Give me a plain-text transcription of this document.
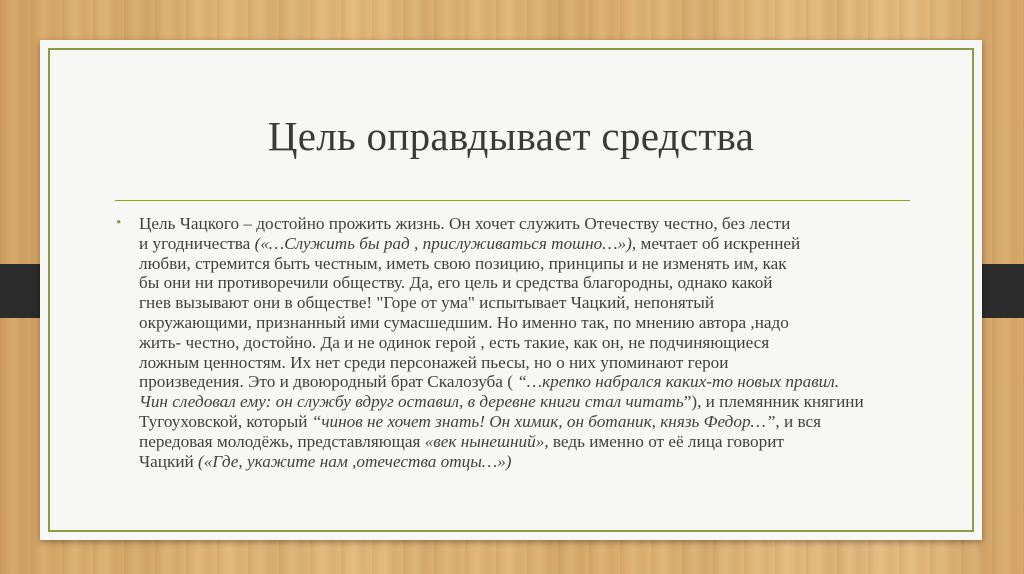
Цель оправдывает средства
• Цель Чацкого – достойно прожить жизнь. Он хочет служить Отечеству честно, без лести
и угодничества («…Служить бы рад , прислуживаться тошно…»), мечтает об искренней
любви, стремится быть честным, иметь свою позицию, принципы и не изменять им, как
бы они ни противоречили обществу. Да, его цель и средства благородны, однако какой
гнев вызывают они в обществе! "Горе от ума" испытывает Чацкий, непонятый
окружающими, признанный ими сумасшедшим. Но именно так, по мнению автора ,надо
жить- честно, достойно. Да и не одинок герой , есть такие, как он, не подчиняющиеся
ложным ценностям. Их нет среди персонажей пьесы, но о них упоминают герои
произведения. Это и двоюродный брат Скалозуба ( “…крепко набрался каких-то новых правил.
Чин следовал ему: он службу вдруг оставил, в деревне книги стал читать”), и племянник княгини
Тугоуховской, который “чинов не хочет знать! Он химик, он ботаник, князь Федор…”, и вся
передовая молодёжь, представляющая «век нынешний», ведь именно от её лица говорит
Чацкий («Где, укажите нам ,отечества отцы…»)
